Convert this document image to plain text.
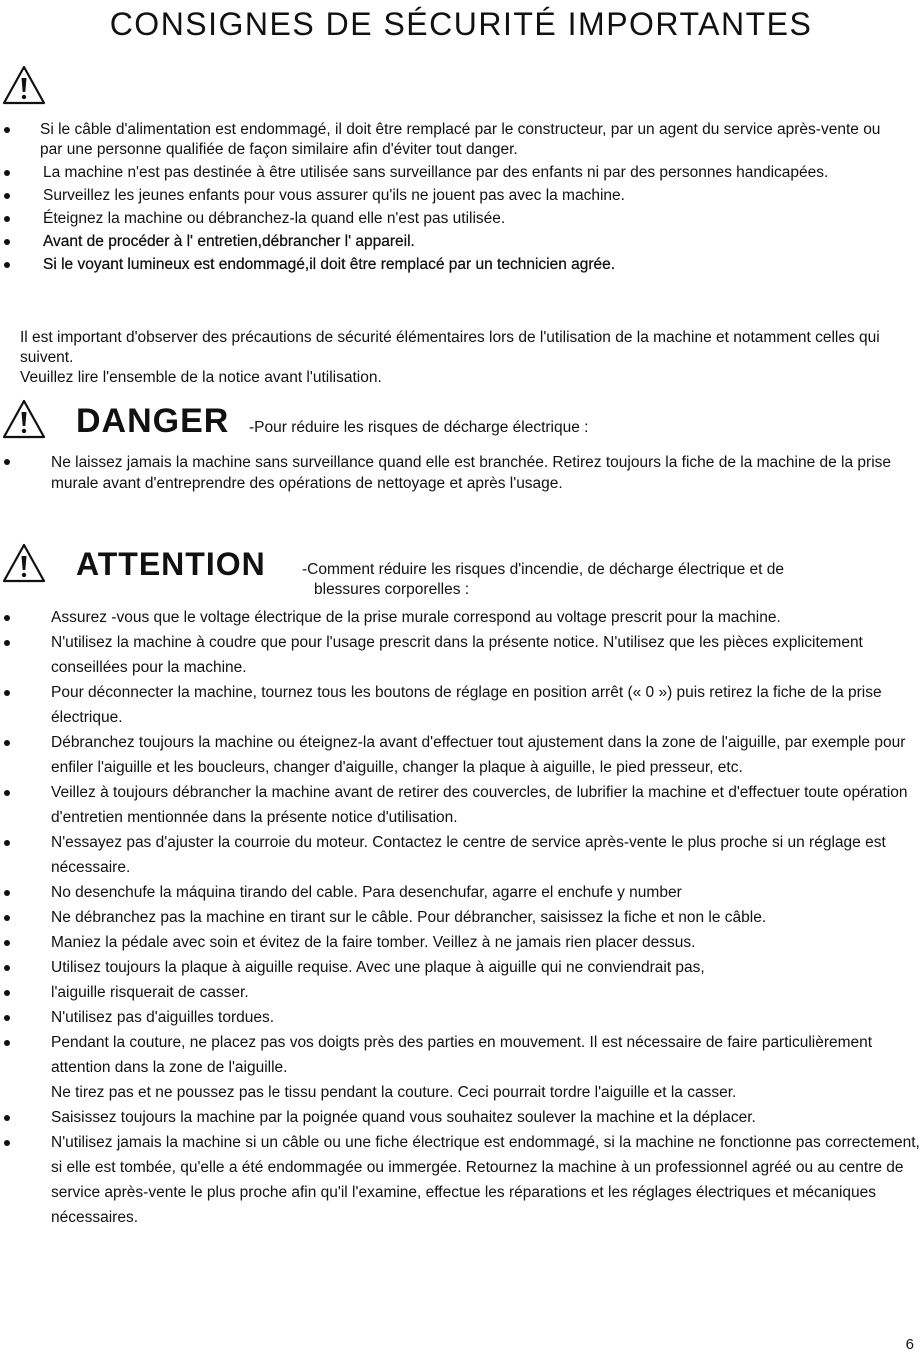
CONSIGNES DE SÉCURITÉ IMPORTANTES
Si le câble d'alimentation est endommagé, il doit être remplacé par le constructeur, par un agent du service après-vente ou par une personne qualifiée de façon similaire afin d'éviter tout danger.
La machine n'est pas destinée à être utilisée sans surveillance par des enfants ni par des personnes handicapées.
Surveillez les jeunes enfants pour vous assurer qu'ils ne jouent pas avec la machine.
Éteignez la machine ou débranchez-la quand elle n'est pas utilisée.
Avant de procéder à l' entretien,débrancher l' appareil.
Si le voyant lumineux est endommagé,il doit être remplacé par un technicien agrée.

Il est important d'observer des précautions de sécurité élémentaires lors de l'utilisation de la machine et notamment celles qui suivent.

Veuillez lire l'ensemble de la notice avant l'utilisation.

DANGER -Pour réduire les risques de décharge électrique :
Ne laissez jamais la machine sans surveillance quand elle est branchée. Retirez toujours la fiche de la machine de la prise murale avant d'entreprendre des opérations de nettoyage et après l'usage.
ATTENTION -Comment réduire les risques d'incendie, de décharge électrique et de
blessures corporelles :
Assurez -vous que le voltage électrique de la prise murale correspond au voltage prescrit pour la machine.
N'utilisez la machine à coudre que pour l'usage prescrit dans la présente notice. N'utilisez que les pièces explicitement conseillées pour la machine.
Pour déconnecter la machine, tournez tous les boutons de réglage en position arrêt (« 0 ») puis retirez la fiche de la prise électrique.
Débranchez toujours la machine ou éteignez-la avant d'effectuer tout ajustement dans la zone de l'aiguille, par exemple pour enfiler l'aiguille et les boucleurs, changer d'aiguille, changer la plaque à aiguille, le pied presseur, etc.
Veillez à toujours débrancher la machine avant de retirer des couvercles, de lubrifier la machine et d'effectuer toute opération d'entretien mentionnée dans la présente notice d'utilisation.
N'essayez pas d'ajuster la courroie du moteur. Contactez le centre de service après-vente le plus proche si un réglage est nécessaire.
No desenchufe la máquina tirando del cable. Para desenchufar, agarre el enchufe y number
Ne débranchez pas la machine en tirant sur le câble. Pour débrancher, saisissez la fiche et non le câble.
Maniez la pédale avec soin et évitez de la faire tomber. Veillez à ne jamais rien placer dessus.
Utilisez toujours la plaque à aiguille requise. Avec une plaque à aiguille qui ne conviendrait pas,
l'aiguille risquerait de casser.
N'utilisez pas d'aiguilles tordues.
Pendant la couture, ne placez pas vos doigts près des parties en mouvement. Il est nécessaire de faire particulièrement attention dans la zone de l'aiguille.
Ne tirez pas et ne poussez pas le tissu pendant la couture. Ceci pourrait tordre l'aiguille et la casser.
Saisissez toujours la machine par la poignée quand vous souhaitez soulever la machine et la déplacer.
N'utilisez jamais la machine si un câble ou une fiche électrique est endommagé, si la machine ne fonctionne pas correctement, si elle est tombée, qu'elle a été endommagée ou immergée. Retournez la machine à un professionnel agréé ou au centre de service après-vente le plus proche afin qu'il l'examine, effectue les réparations et les réglages électriques et mécaniques nécessaires.
6
